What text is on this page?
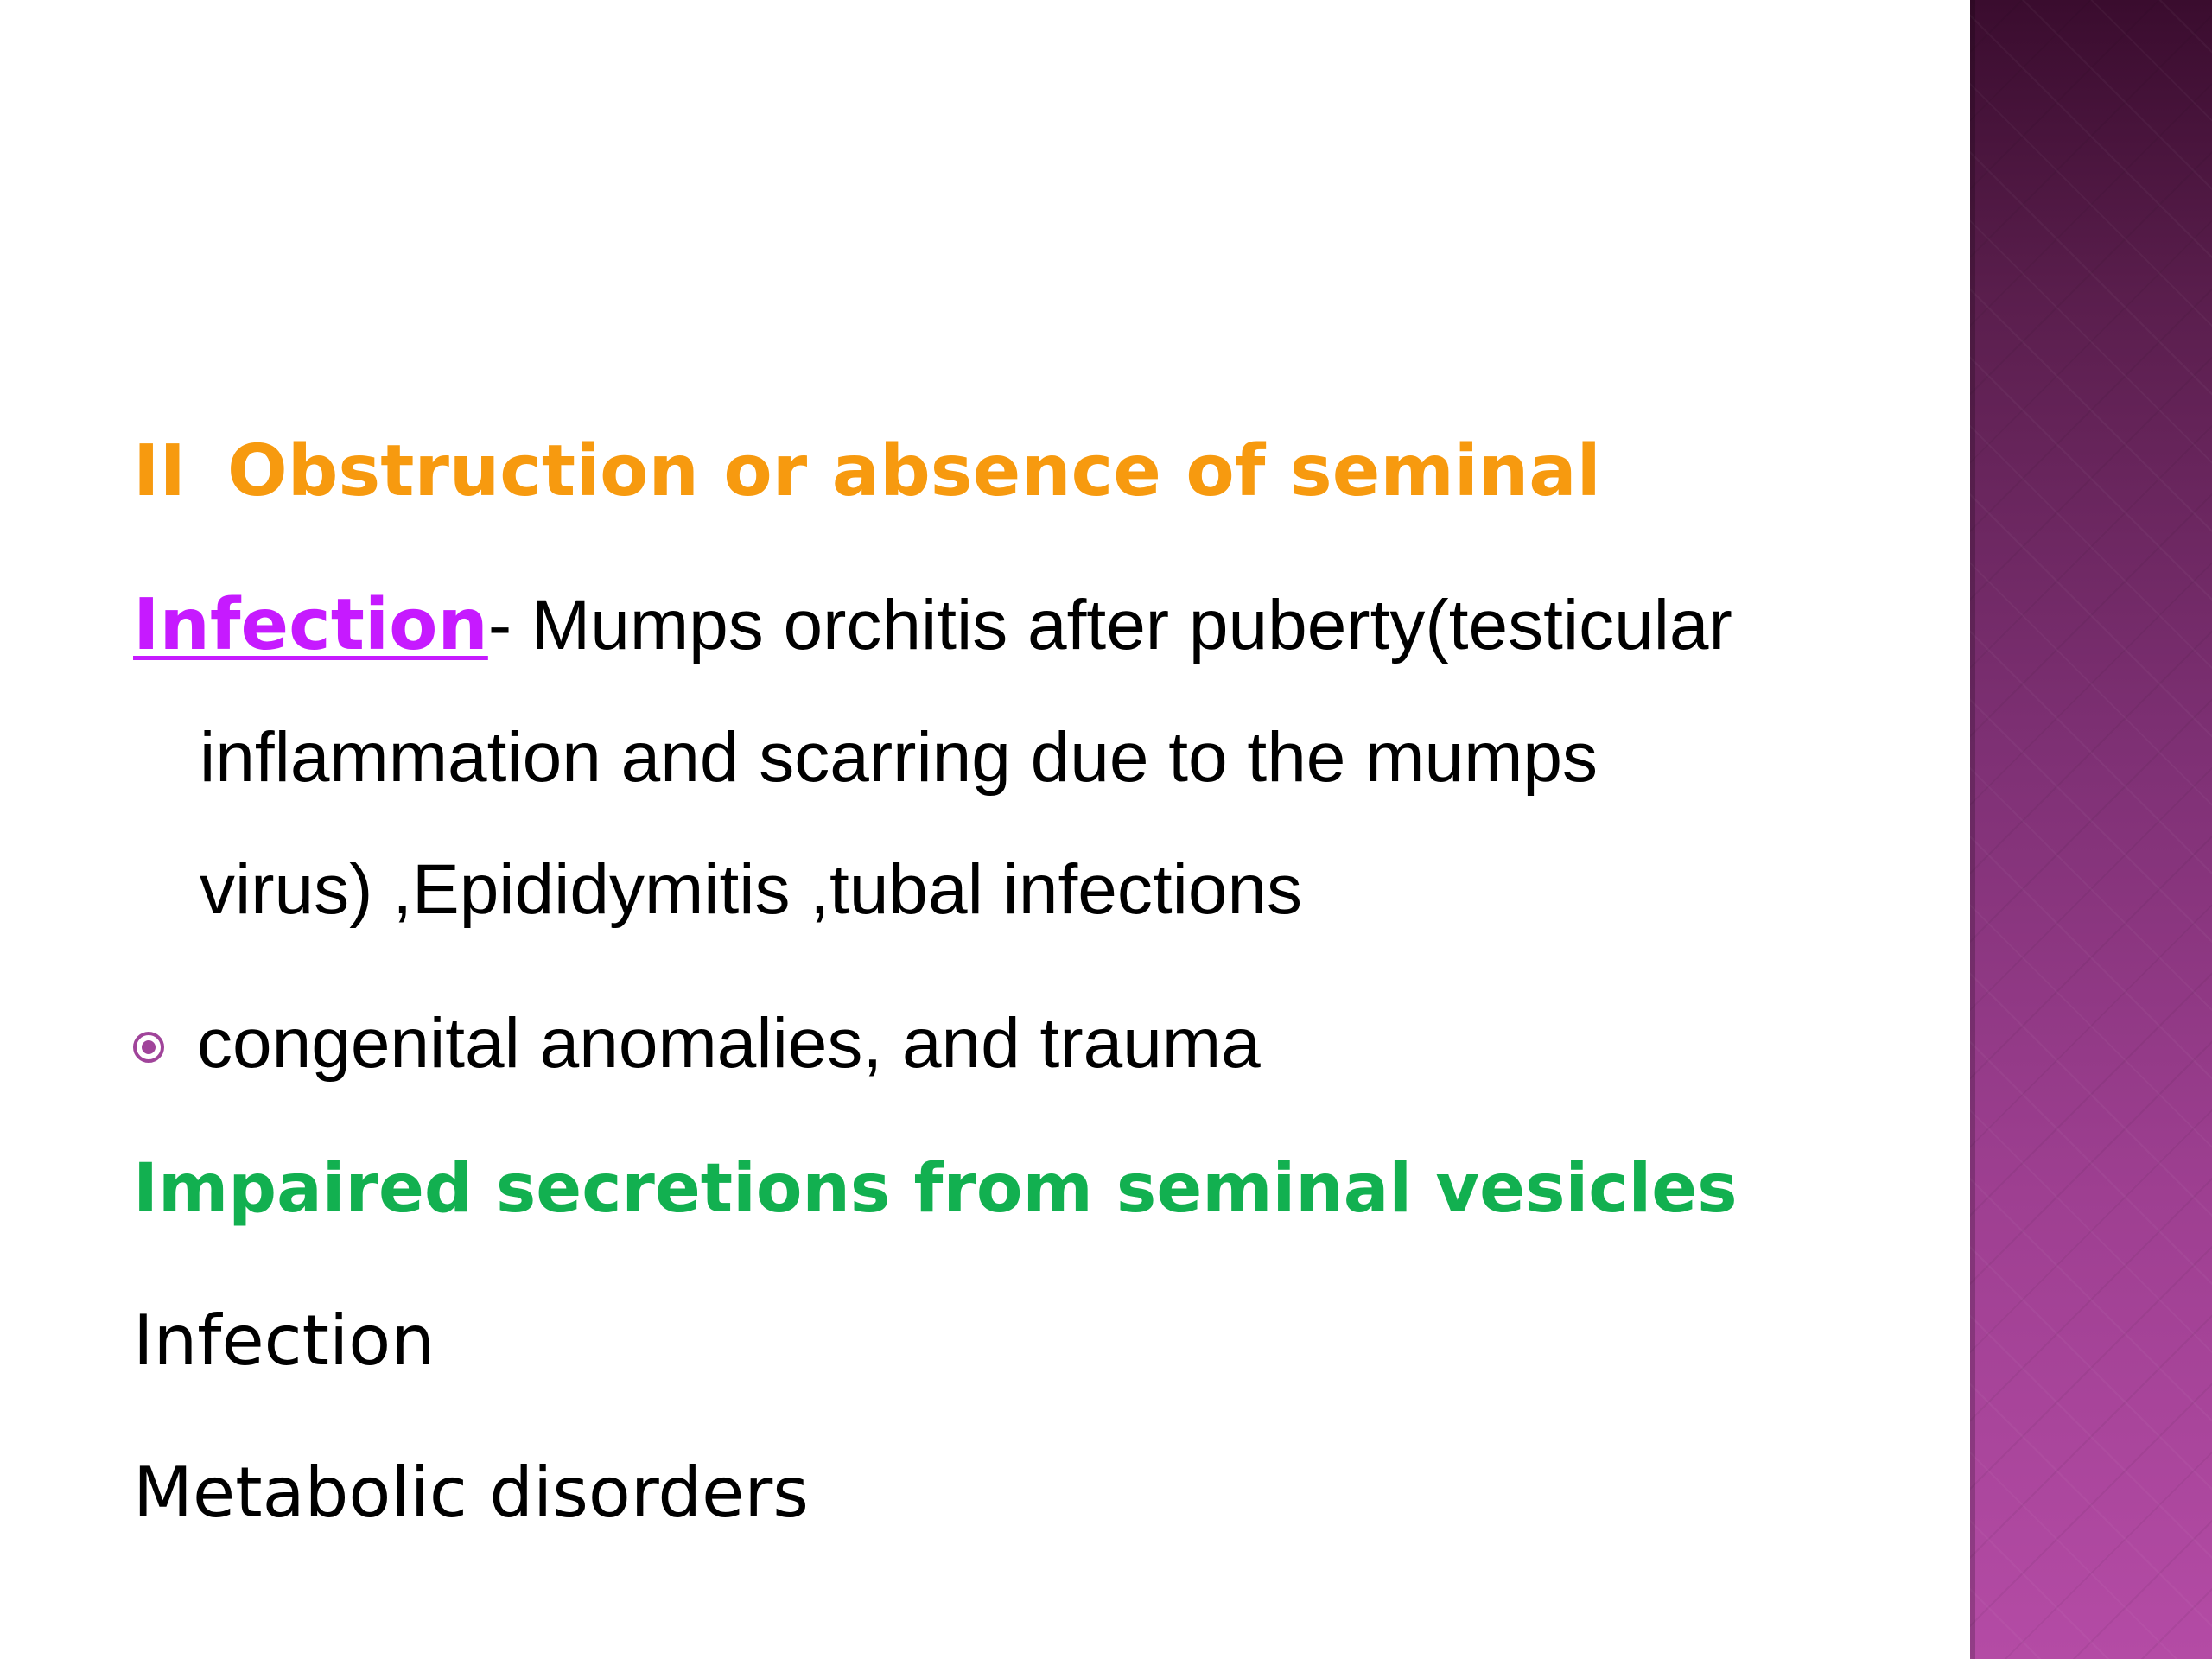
II Obstruction or absence of seminal

Infection- Mumps orchitis after puberty(testicular

inflammation and scarring due to the mumps

virus) ,Epididymitis ,tubal infections

congenital anomalies, and trauma

Impaired secretions from seminal vesicles

Infection

Metabolic disorders
